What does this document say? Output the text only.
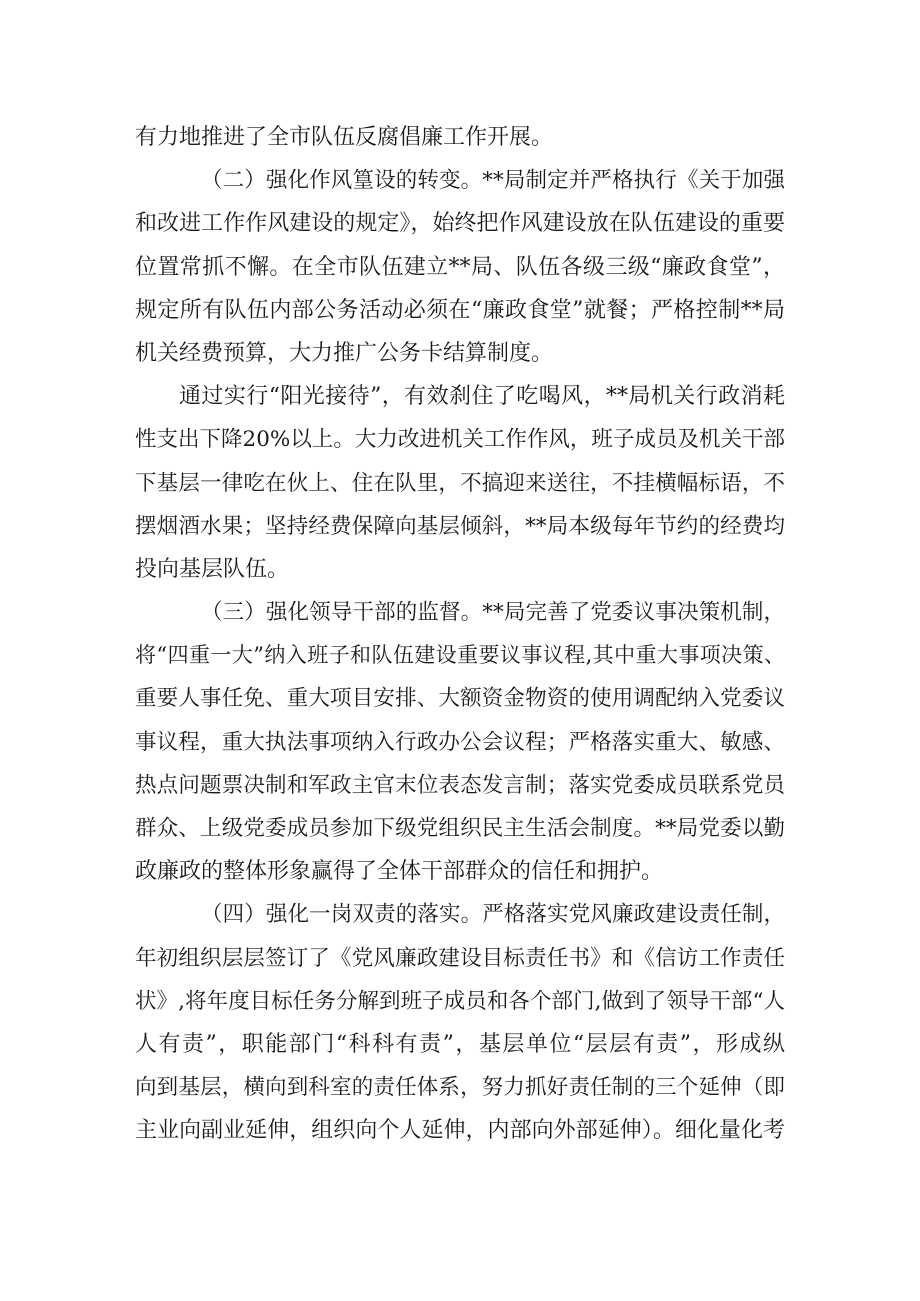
有力地推进了全市队伍反腐倡廉工作开展。
（二）强化作风篁设的转变。**局制定并严格执行《关于加强
和改进工作作风建设的规定》，始终把作风建设放在队伍建设的重要
位置常抓不懈。在全市队伍建立**局、队伍各级三级“廉政食堂”，
规定所有队伍内部公务活动必须在“廉政食堂”就餐；严格控制**局
机关经费预算，大力推广公务卡结算制度。
通过实行“阳光接待”，有效刹住了吃喝风，**局机关行政消耗
性支出下降20%以上。大力改进机关工作作风，班子成员及机关干部
下基层一律吃在伙上、住在队里，不搞迎来送往，不挂横幅标语，不
摆烟酒水果；坚持经费保障向基层倾斜，**局本级每年节约的经费均
投向基层队伍。
（三）强化领导干部的监督。**局完善了党委议事决策机制，
将“四重一大”纳入班子和队伍建设重要议事议程,其中重大事项决策、
重要人事任免、重大项目安排、大额资金物资的使用调配纳入党委议
事议程，重大执法事项纳入行政办公会议程；严格落实重大、敏感、
热点问题票决制和军政主官末位表态发言制；落实党委成员联系党员
群众、上级党委成员参加下级党组织民主生活会制度。**局党委以勤
政廉政的整体形象赢得了全体干部群众的信任和拥护。
（四）强化一岗双责的落实。严格落实党风廉政建设责任制，
年初组织层层签订了《党风廉政建设目标责任书》和《信访工作责任
状》,将年度目标任务分解到班子成员和各个部门,做到了领导干部“人
人有责”，职能部门“科科有责”，基层单位“层层有责”，形成纵
向到基层，横向到科室的责任体系，努力抓好责任制的三个延伸（即
主业向副业延伸，组织向个人延伸，内部向外部延伸）。细化量化考
